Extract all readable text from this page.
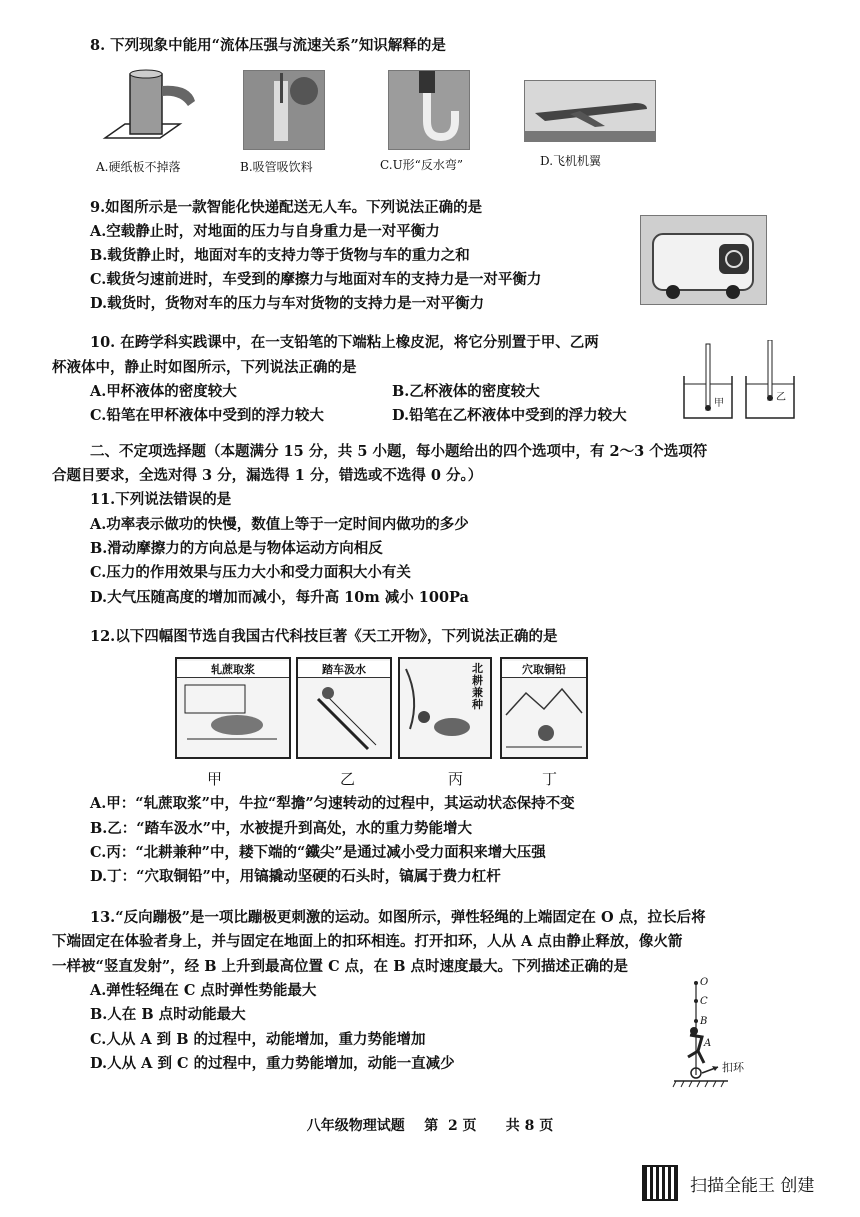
8. 下列现象中能用“流体压强与流速关系”知识解释的是
A.硬纸板不掉落	B.吸管吸饮料	C.U形“反水弯”	D.飞机机翼
9.如图所示是一款智能化快递配送无人车。下列说法正确的是
A.空载静止时，对地面的压力与自身重力是一对平衡力
B.载货静止时，地面对车的支持力等于货物与车的重力之和
C.载货匀速前进时，车受到的摩擦力与地面对车的支持力是一对平衡力
D.载货时，货物对车的压力与车对货物的支持力是一对平衡力
10. 在跨学科实践课中，在一支铅笔的下端粘上橡皮泥，将它分别置于甲、乙两
杯液体中，静止时如图所示，下列说法正确的是
A.甲杯液体的密度较大	B.乙杯液体的密度较大
C.铅笔在甲杯液体中受到的浮力较大	D.铅笔在乙杯液体中受到的浮力较大
甲
乙
二、不定项选择题（本题满分 15 分，共 5 小题，每小题给出的四个选项中，有 2～3 个选项符
合题目要求，全选对得 3 分，漏选得 1 分，错选或不选得 0 分。）
11.下列说法错误的是
A.功率表示做功的快慢，数值上等于一定时间内做功的多少
B.滑动摩擦力的方向总是与物体运动方向相反
C.压力的作用效果与压力大小和受力面积大小有关
D.大气压随高度的增加而减小，每升高 10m 减小 100Pa
12.以下四幅图节选自我国古代科技巨著《天工开物》，下列说法正确的是
轧蔗取浆	踏车汲水	北耕兼种
穴取铜铅
甲	乙	丙	丁
A.甲：“轧蔗取浆”中，牛拉“犁擔”匀速转动的过程中，其运动状态保持不变
B.乙：“踏车汲水”中，水被提升到高处，水的重力势能增大
C.丙：“北耕兼种”中，耧下端的“鐵尖”是通过减小受力面积来增大压强
D.丁：“穴取铜铅”中，用镐撬动坚硬的石头时，镐属于费力杠杆
13.“反向蹦极”是一项比蹦极更刺激的运动。如图所示，弹性轻绳的上端固定在 O 点，拉长后将
下端固定在体验者身上，并与固定在地面上的扣环相连。打开扣环，人从 A 点由静止释放，像火箭
一样被“竖直发射”，经 B 上升到最高位置 C 点，在 B 点时速度最大。下列描述正确的是
A.弹性轻绳在 C 点时弹性势能最大
B.人在 B 点时动能最大
C.人从 A 到 B 的过程中，动能增加，重力势能增加
D.人从 A 到 C 的过程中，重力势能增加，动能一直减少
O
C
B
A
扣环
八年级物理试题    第  2 页      共 8 页
扫描全能王 创建
